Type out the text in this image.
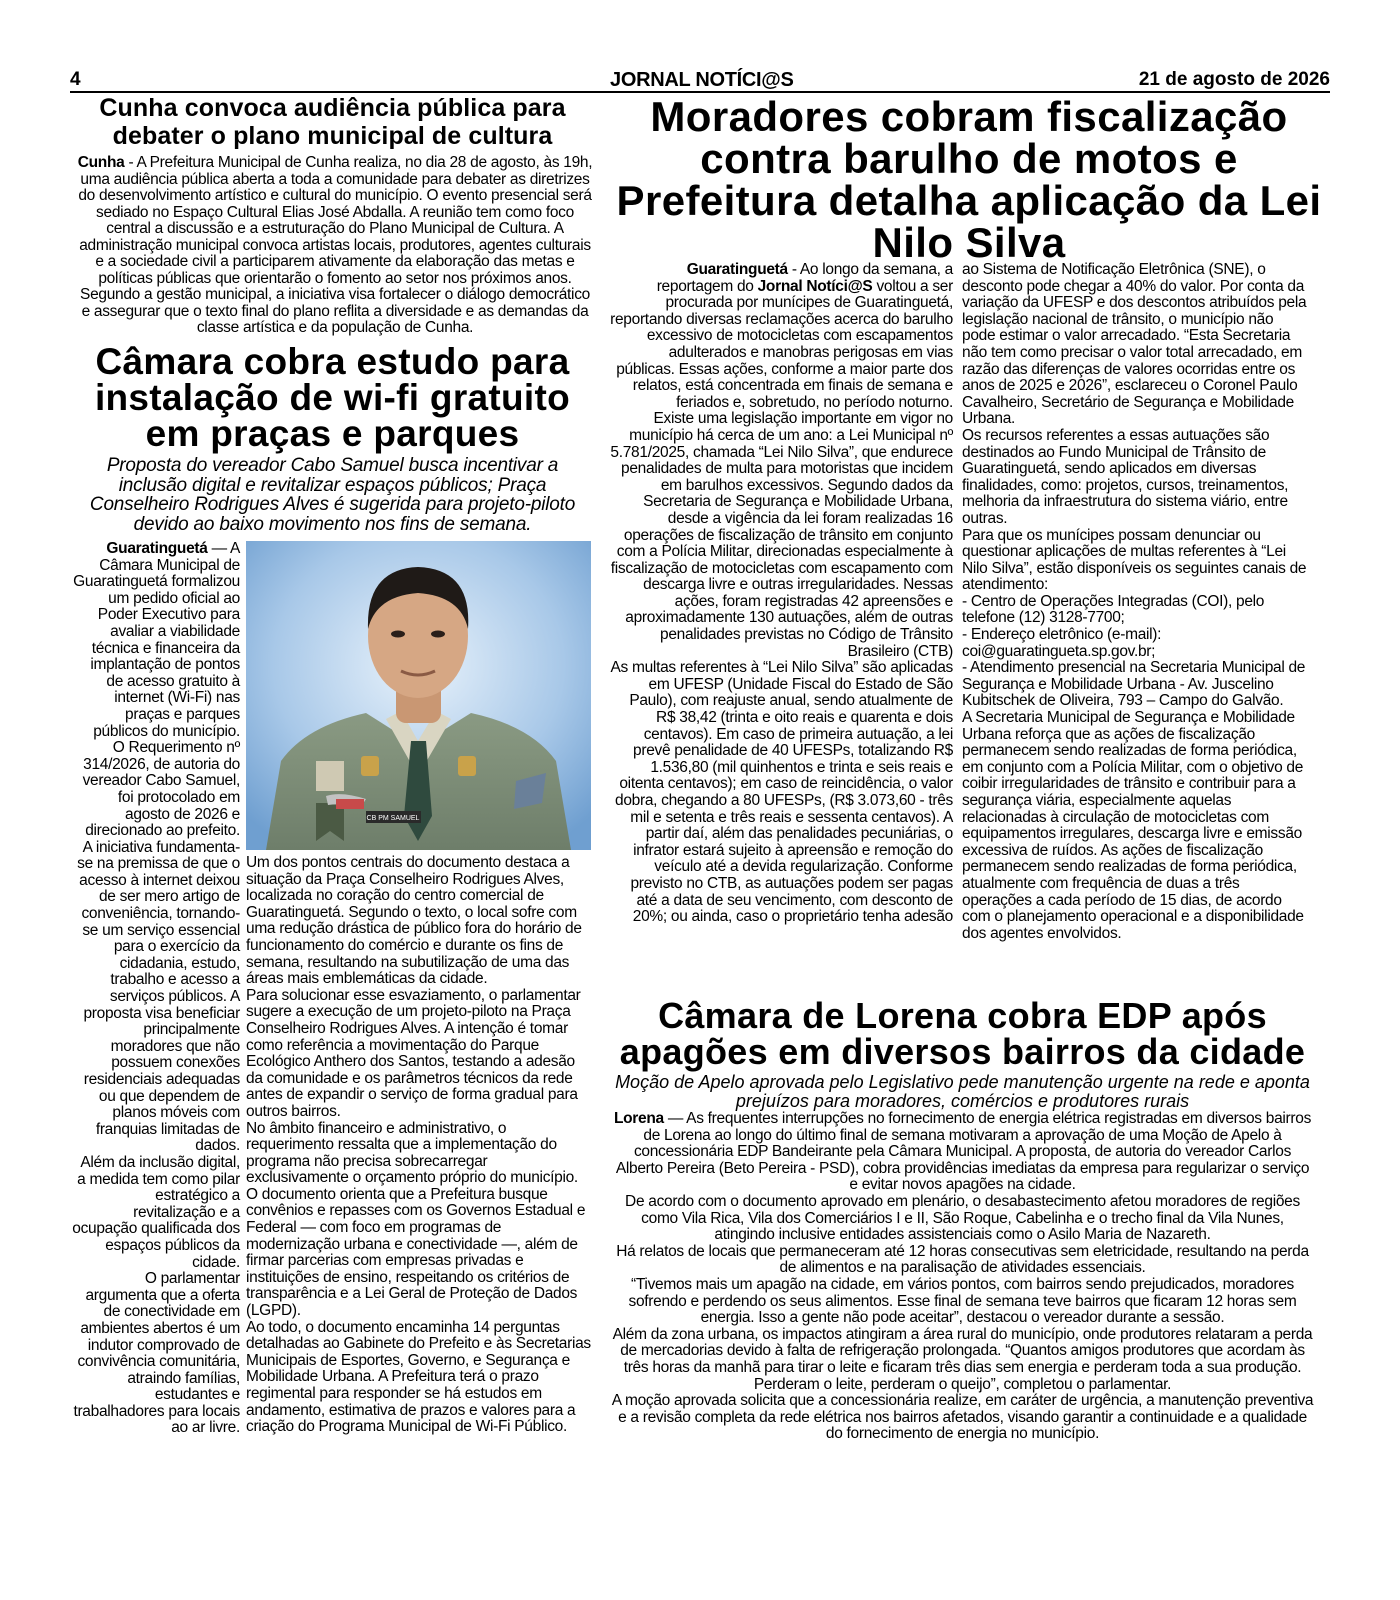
4	JORNAL NOTÍCI@S	21 de agosto de 2026
Cunha convoca audiência pública para debater o plano municipal de cultura

Cunha - A Prefeitura Municipal de Cunha realiza, no dia 28 de agosto, às 19h, uma audiência pública aberta a toda a comunidade para debater as diretrizes do desenvolvimento artístico e cultural do município. O evento presencial será sediado no Espaço Cultural Elias José Abdalla. A reunião tem como foco central a discussão e a estruturação do Plano Municipal de Cultura. A administração municipal convoca artistas locais, produtores, agentes culturais e a sociedade civil a participarem ativamente da elaboração das metas e políticas públicas que orientarão o fomento ao setor nos próximos anos. Segundo a gestão municipal, a iniciativa visa fortalecer o diálogo democrático e assegurar que o texto final do plano reflita a diversidade e as demandas da classe artística e da população de Cunha.

Câmara cobra estudo para instalação de wi-fi gratuito em praças e parques

Proposta do vereador Cabo Samuel busca incentivar a inclusão digital e revitalizar espaços públicos; Praça Conselheiro Rodrigues Alves é sugerida para projeto-piloto devido ao baixo movimento nos fins de semana.

Guaratinguetá — A Câmara Municipal de Guaratinguetá formalizou um pedido oficial ao Poder Executivo para avaliar a viabilidade técnica e financeira da implantação de pontos de acesso gratuito à internet (Wi-Fi) nas praças e parques públicos do município.

O Requerimento nº 314/2026, de autoria do vereador Cabo Samuel, foi protocolado em agosto de 2026 e direcionado ao prefeito.

A iniciativa fundamenta-se na premissa de que o acesso à internet deixou de ser mero artigo de conveniência, tornando-se um serviço essencial para o exercício da cidadania, estudo, trabalho e acesso a serviços públicos. A proposta visa beneficiar principalmente moradores que não possuem conexões residenciais adequadas ou que dependem de planos móveis com franquias limitadas de dados.

Além da inclusão digital, a medida tem como pilar estratégico a revitalização e a ocupação qualificada dos espaços públicos da cidade.

O parlamentar argumenta que a oferta de conectividade em ambientes abertos é um indutor comprovado de convivência comunitária, atraindo famílias, estudantes e trabalhadores para locais ao ar livre.

CB PM SAMUEL

Um dos pontos centrais do documento destaca a situação da Praça Conselheiro Rodrigues Alves, localizada no coração do centro comercial de Guaratinguetá. Segundo o texto, o local sofre com uma redução drástica de público fora do horário de funcionamento do comércio e durante os fins de semana, resultando na subutilização de uma das áreas mais emblemáticas da cidade.

Para solucionar esse esvaziamento, o parlamentar sugere a execução de um projeto-piloto na Praça Conselheiro Rodrigues Alves. A intenção é tomar como referência a movimentação do Parque Ecológico Anthero dos Santos, testando a adesão da comunidade e os parâmetros técnicos da rede antes de expandir o serviço de forma gradual para outros bairros.

No âmbito financeiro e administrativo, o requerimento ressalta que a implementação do programa não precisa sobrecarregar exclusivamente o orçamento próprio do município.

O documento orienta que a Prefeitura busque convênios e repasses com os Governos Estadual e Federal — com foco em programas de modernização urbana e conectividade —, além de firmar parcerias com empresas privadas e instituições de ensino, respeitando os critérios de transparência e a Lei Geral de Proteção de Dados (LGPD).

Ao todo, o documento encaminha 14 perguntas detalhadas ao Gabinete do Prefeito e às Secretarias Municipais de Esportes, Governo, e Segurança e Mobilidade Urbana. A Prefeitura terá o prazo regimental para responder se há estudos em andamento, estimativa de prazos e valores para a criação do Programa Municipal de Wi-Fi Público.

Moradores cobram fiscalização contra barulho de motos e Prefeitura detalha aplicação da Lei Nilo Silva

Guaratinguetá - Ao longo da semana, a reportagem do Jornal Notíci@S voltou a ser procurada por munícipes de Guaratinguetá, reportando diversas reclamações acerca do barulho excessivo de motocicletas com escapamentos adulterados e manobras perigosas em vias públicas. Essas ações, conforme a maior parte dos relatos, está concentrada em finais de semana e feriados e, sobretudo, no período noturno.

Existe uma legislação importante em vigor no município há cerca de um ano: a Lei Municipal nº 5.781/2025, chamada “Lei Nilo Silva”, que endurece penalidades de multa para motoristas que incidem em barulhos excessivos. Segundo dados da Secretaria de Segurança e Mobilidade Urbana, desde a vigência da lei foram realizadas 16 operações de fiscalização de trânsito em conjunto com a Polícia Militar, direcionadas especialmente à fiscalização de motocicletas com escapamento com descarga livre e outras irregularidades. Nessas ações, foram registradas 42 apreensões e aproximadamente 130 autuações, além de outras penalidades previstas no Código de Trânsito Brasileiro (CTB)

As multas referentes à “Lei Nilo Silva” são aplicadas em UFESP (Unidade Fiscal do Estado de São Paulo), com reajuste anual, sendo atualmente de R$ 38,42 (trinta e oito reais e quarenta e dois centavos). Em caso de primeira autuação, a lei prevê penalidade de 40 UFESPs, totalizando R$ 1.536,80 (mil quinhentos e trinta e seis reais e oitenta centavos); em caso de reincidência, o valor dobra, chegando a 80 UFESPs, (R$ 3.073,60 - três mil e setenta e três reais e sessenta centavos). A partir daí, além das penalidades pecuniárias, o infrator estará sujeito à apreensão e remoção do veículo até a devida regularização. Conforme previsto no CTB, as autuações podem ser pagas até a data de seu vencimento, com desconto de 20%; ou ainda, caso o proprietário tenha adesão

ao Sistema de Notificação Eletrônica (SNE), o desconto pode chegar a 40% do valor. Por conta da variação da UFESP e dos descontos atribuídos pela legislação nacional de trânsito, o município não pode estimar o valor arrecadado. “Esta Secretaria não tem como precisar o valor total arrecadado, em razão das diferenças de valores ocorridas entre os anos de 2025 e 2026”, esclareceu o Coronel Paulo Cavalheiro, Secretário de Segurança e Mobilidade Urbana.

Os recursos referentes a essas autuações são destinados ao Fundo Municipal de Trânsito de Guaratinguetá, sendo aplicados em diversas finalidades, como: projetos, cursos, treinamentos, melhoria da infraestrutura do sistema viário, entre outras.

Para que os munícipes possam denunciar ou questionar aplicações de multas referentes à “Lei Nilo Silva”, estão disponíveis os seguintes canais de atendimento:

- Centro de Operações Integradas (COI), pelo telefone (12) 3128-7700;

- Endereço eletrônico (e-mail): coi@guaratingueta.sp.gov.br;

- Atendimento presencial na Secretaria Municipal de Segurança e Mobilidade Urbana - Av. Juscelino Kubitschek de Oliveira, 793 – Campo do Galvão.

A Secretaria Municipal de Segurança e Mobilidade Urbana reforça que as ações de fiscalização permanecem sendo realizadas de forma periódica, em conjunto com a Polícia Militar, com o objetivo de coibir irregularidades de trânsito e contribuir para a segurança viária, especialmente aquelas relacionadas à circulação de motocicletas com equipamentos irregulares, descarga livre e emissão excessiva de ruídos. As ações de fiscalização permanecem sendo realizadas de forma periódica, atualmente com frequência de duas a três operações a cada período de 15 dias, de acordo com o planejamento operacional e a disponibilidade dos agentes envolvidos.

Câmara de Lorena cobra EDP após apagões em diversos bairros da cidade

Moção de Apelo aprovada pelo Legislativo pede manutenção urgente na rede e aponta prejuízos para moradores, comércios e produtores rurais

Lorena — As frequentes interrupções no fornecimento de energia elétrica registradas em diversos bairros de Lorena ao longo do último final de semana motivaram a aprovação de uma Moção de Apelo à concessionária EDP Bandeirante pela Câmara Municipal. A proposta, de autoria do vereador Carlos Alberto Pereira (Beto Pereira - PSD), cobra providências imediatas da empresa para regularizar o serviço e evitar novos apagões na cidade.

De acordo com o documento aprovado em plenário, o desabastecimento afetou moradores de regiões como Vila Rica, Vila dos Comerciários I e II, São Roque, Cabelinha e o trecho final da Vila Nunes, atingindo inclusive entidades assistenciais como o Asilo Maria de Nazareth.

Há relatos de locais que permaneceram até 12 horas consecutivas sem eletricidade, resultando na perda de alimentos e na paralisação de atividades essenciais.

“Tivemos mais um apagão na cidade, em vários pontos, com bairros sendo prejudicados, moradores sofrendo e perdendo os seus alimentos. Esse final de semana teve bairros que ficaram 12 horas sem energia. Isso a gente não pode aceitar”, destacou o vereador durante a sessão.

Além da zona urbana, os impactos atingiram a área rural do município, onde produtores relataram a perda de mercadorias devido à falta de refrigeração prolongada. “Quantos amigos produtores que acordam às três horas da manhã para tirar o leite e ficaram três dias sem energia e perderam toda a sua produção. Perderam o leite, perderam o queijo”, completou o parlamentar.

A moção aprovada solicita que a concessionária realize, em caráter de urgência, a manutenção preventiva e a revisão completa da rede elétrica nos bairros afetados, visando garantir a continuidade e a qualidade do fornecimento de energia no município.
